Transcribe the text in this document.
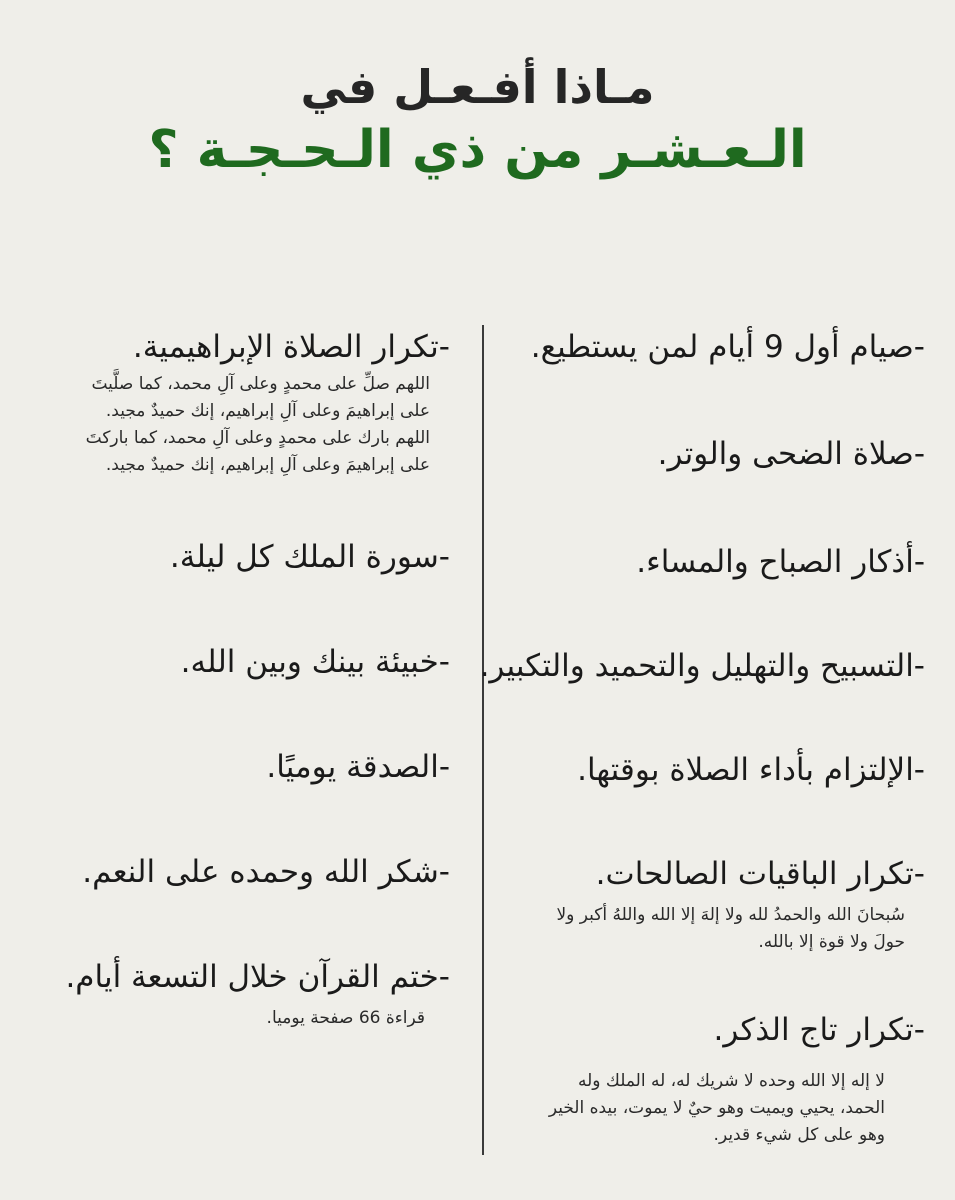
مـاذا أفـعـل في
الـعـشـر من ذي الـحـجـة ؟
-صيام أول 9 أيام لمن يستطيع.
-صلاة الضحى والوتر.
-أذكار الصباح والمساء.
-التسبيح والتهليل والتحميد والتكبير.
-الإلتزام بأداء الصلاة بوقتها.
-تكرار الباقيات الصالحات.
سُبحانَ الله والحمدُ لله ولا إلهَ إلا الله واللهُ أكبر ولا حولَ ولا قوة إلا بالله.
-تكرار تاج الذكر.
لا إله إلا الله وحده لا شريك له، له الملك وله الحمد، يحيي ويميت وهو حيٌ لا يموت، بيده الخير وهو على كل شيء قدير.
-تكرار الصلاة الإبراهيمية.
اللهم صلِّ على محمدٍ وعلى آلِ محمد، كما صلَّيتَ على إبراهيمَ وعلى آلِ إبراهيم، إنك حميدٌ مجيد. اللهم بارك على محمدٍ وعلى آلِ محمد، كما باركتَ على إبراهيمَ وعلى آلِ إبراهيم، إنك حميدٌ مجيد.
-سورة الملك كل ليلة.
-خبيئة بينك وبين الله.
-الصدقة يوميًا.
-شكر الله وحمده على النعم.
-ختم القرآن خلال التسعة أيام.
قراءة 66 صفحة يوميا.
